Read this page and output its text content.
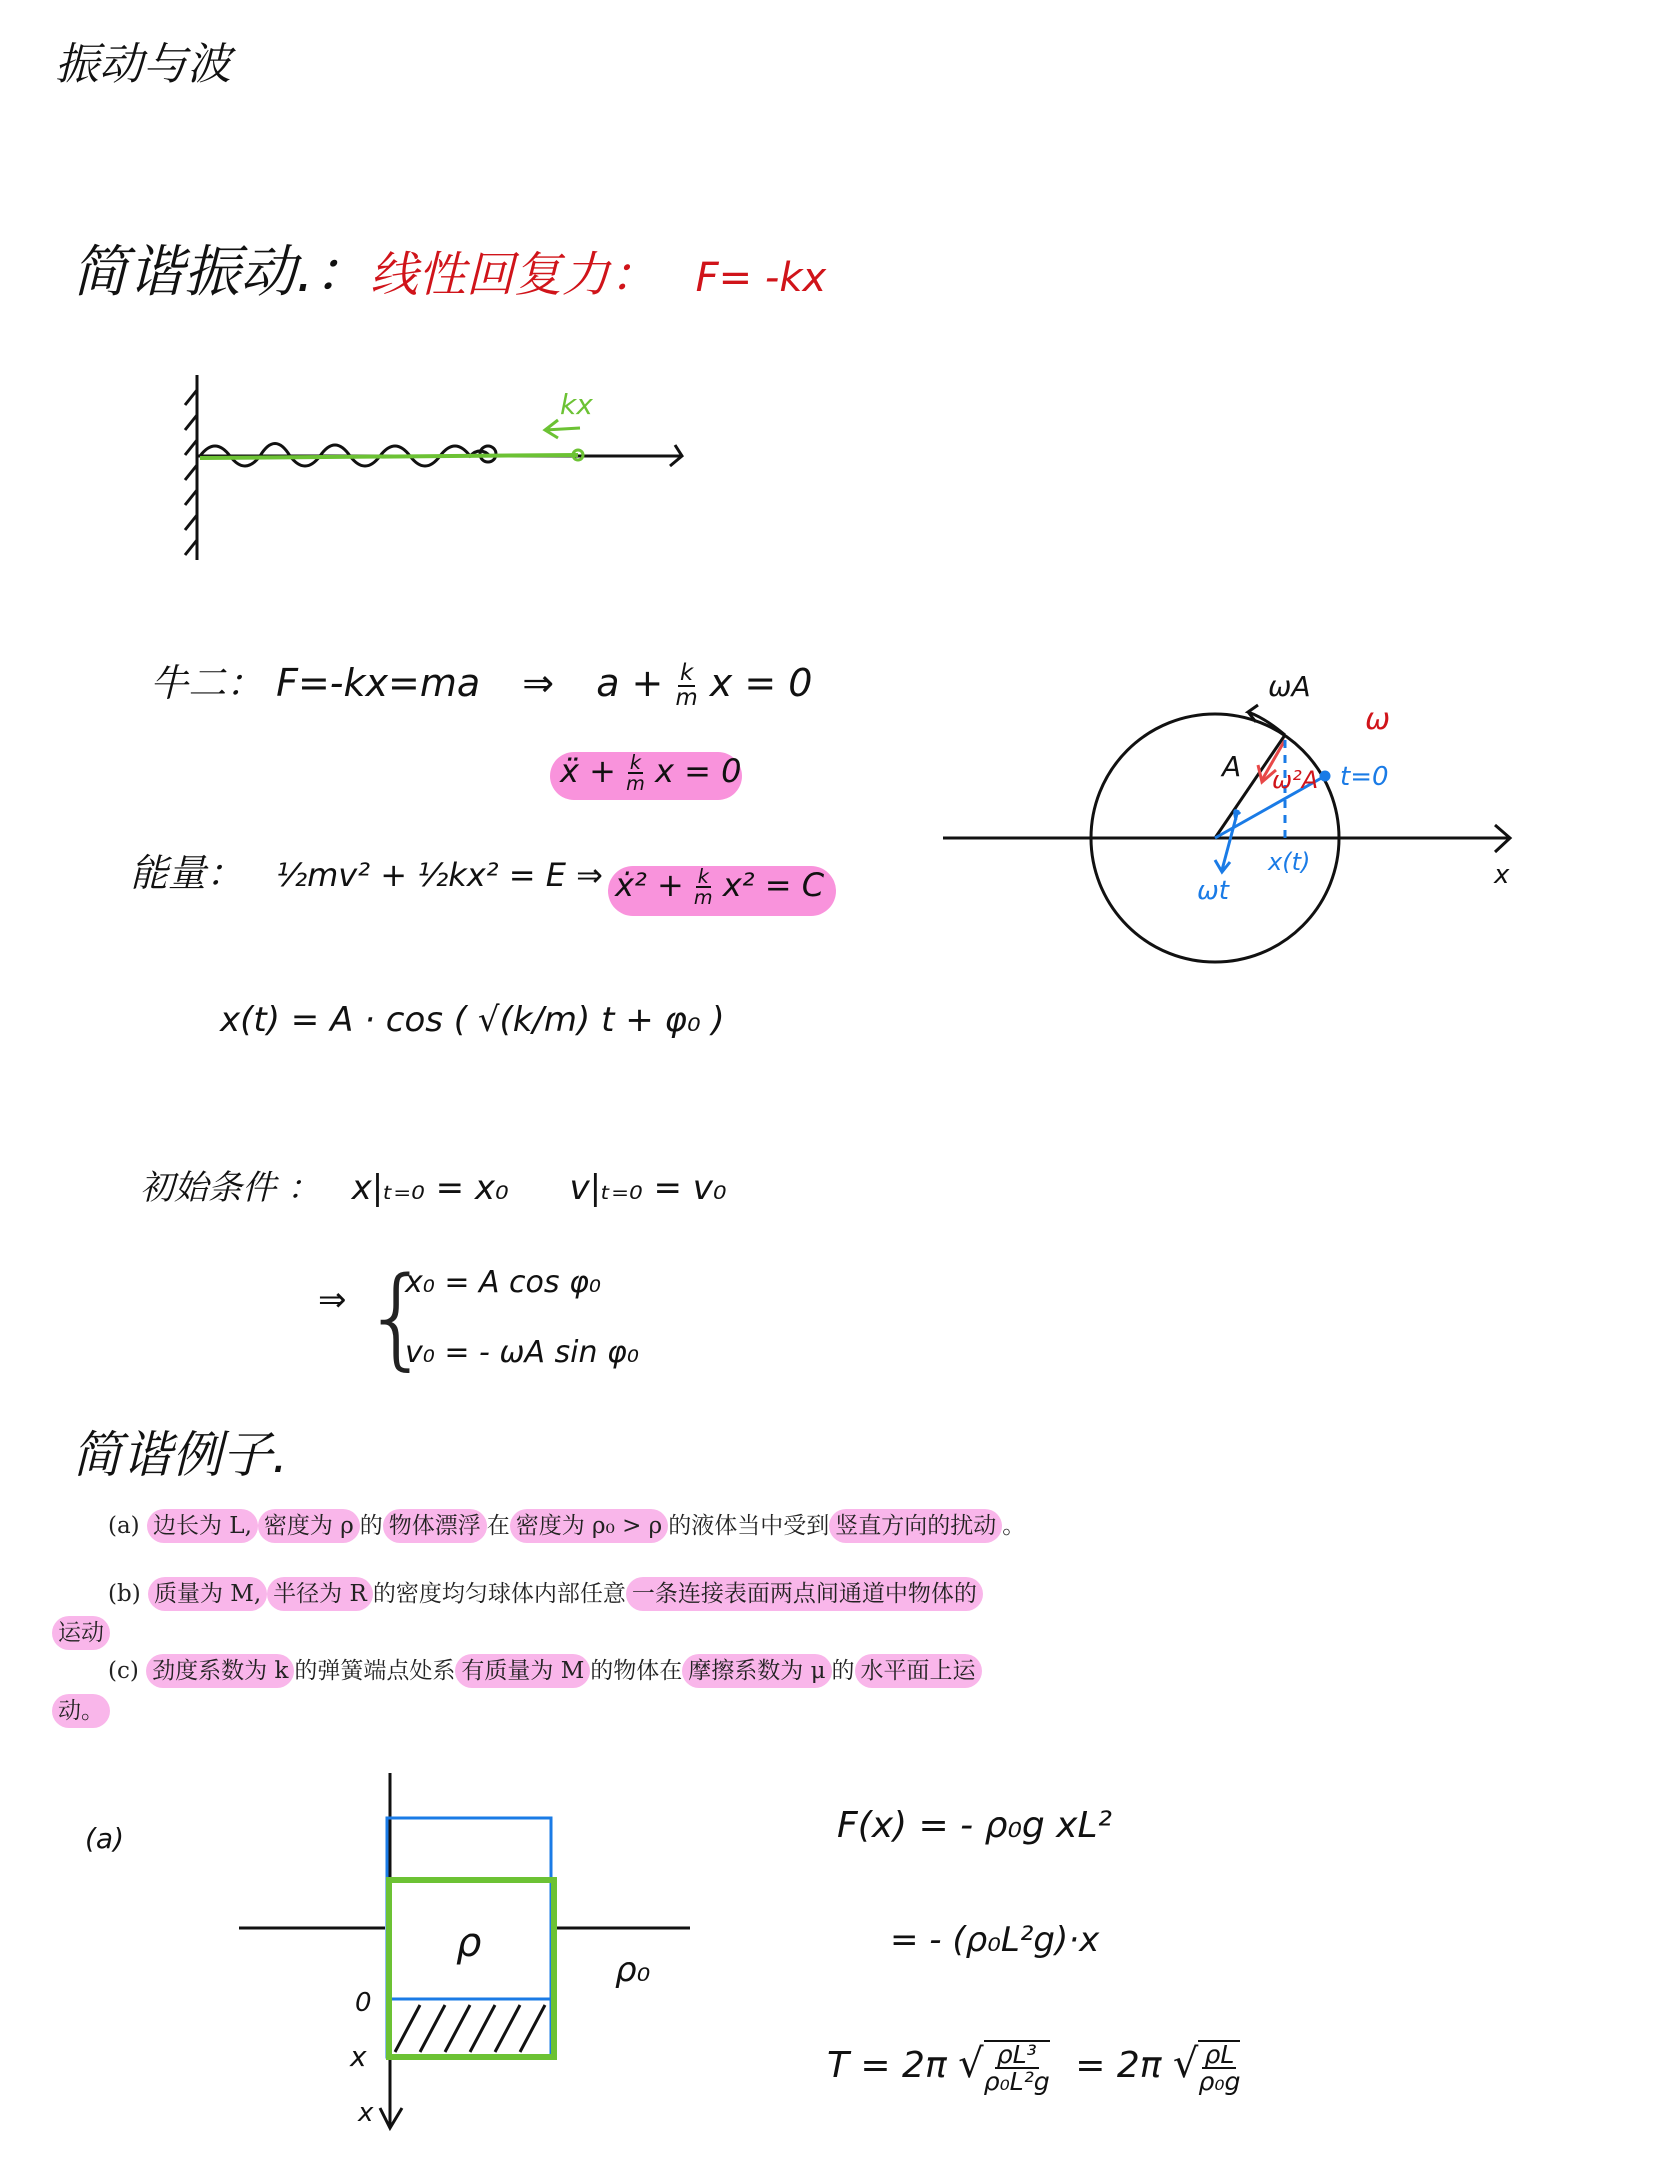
振动与波
简谐振动.：线性回复力： F= -kx
kx
牛二： F=-kx=ma ⇒ $a + \frac{k}{m}$ x = 0
ẍ + $\frac{k}{m}$ x = 0
能量： ½mv² + ½kx² = E ⇒ ẋ² + $\frac{k}{m} x^2 = C$
x(t) = A · cos ( √(k/m) t + φ₀ )
初始条件 ： x|ₜ₌₀ = x₀ v|ₜ₌₀ = v₀
⇒ {
x₀ = A cos φ₀
v₀ = - ωA sin φ₀
ωA
ω
A ω²A t=0
x(t)
ωt
x
简谐例子.
(a) 边长为 L, 密度为 ρ 的 物体漂浮 在 密度为 ρ₀ > ρ 的液体当中受到 竖直方向的扰动 。
(b) 质量为 M, 半径为 R 的密度均匀球体内部任意 一条连接表面两点间通道中物体的
运动
(c) 劲度系数为 k 的弹簧端点处系 有质量为 M 的物体在 摩擦系数为 μ 的 水平面上运
动。
(a)
ρ
ρ₀
0
x
x
F(x) = - ρ₀g xL²
= - (ρ₀L²g)·x
T = 2π √ $\frac{\text{ρL³}}{\text{ρ₀L²g}} = 2\pi$ √ $\frac{\rho L}{\text{ρ₀g}}$
